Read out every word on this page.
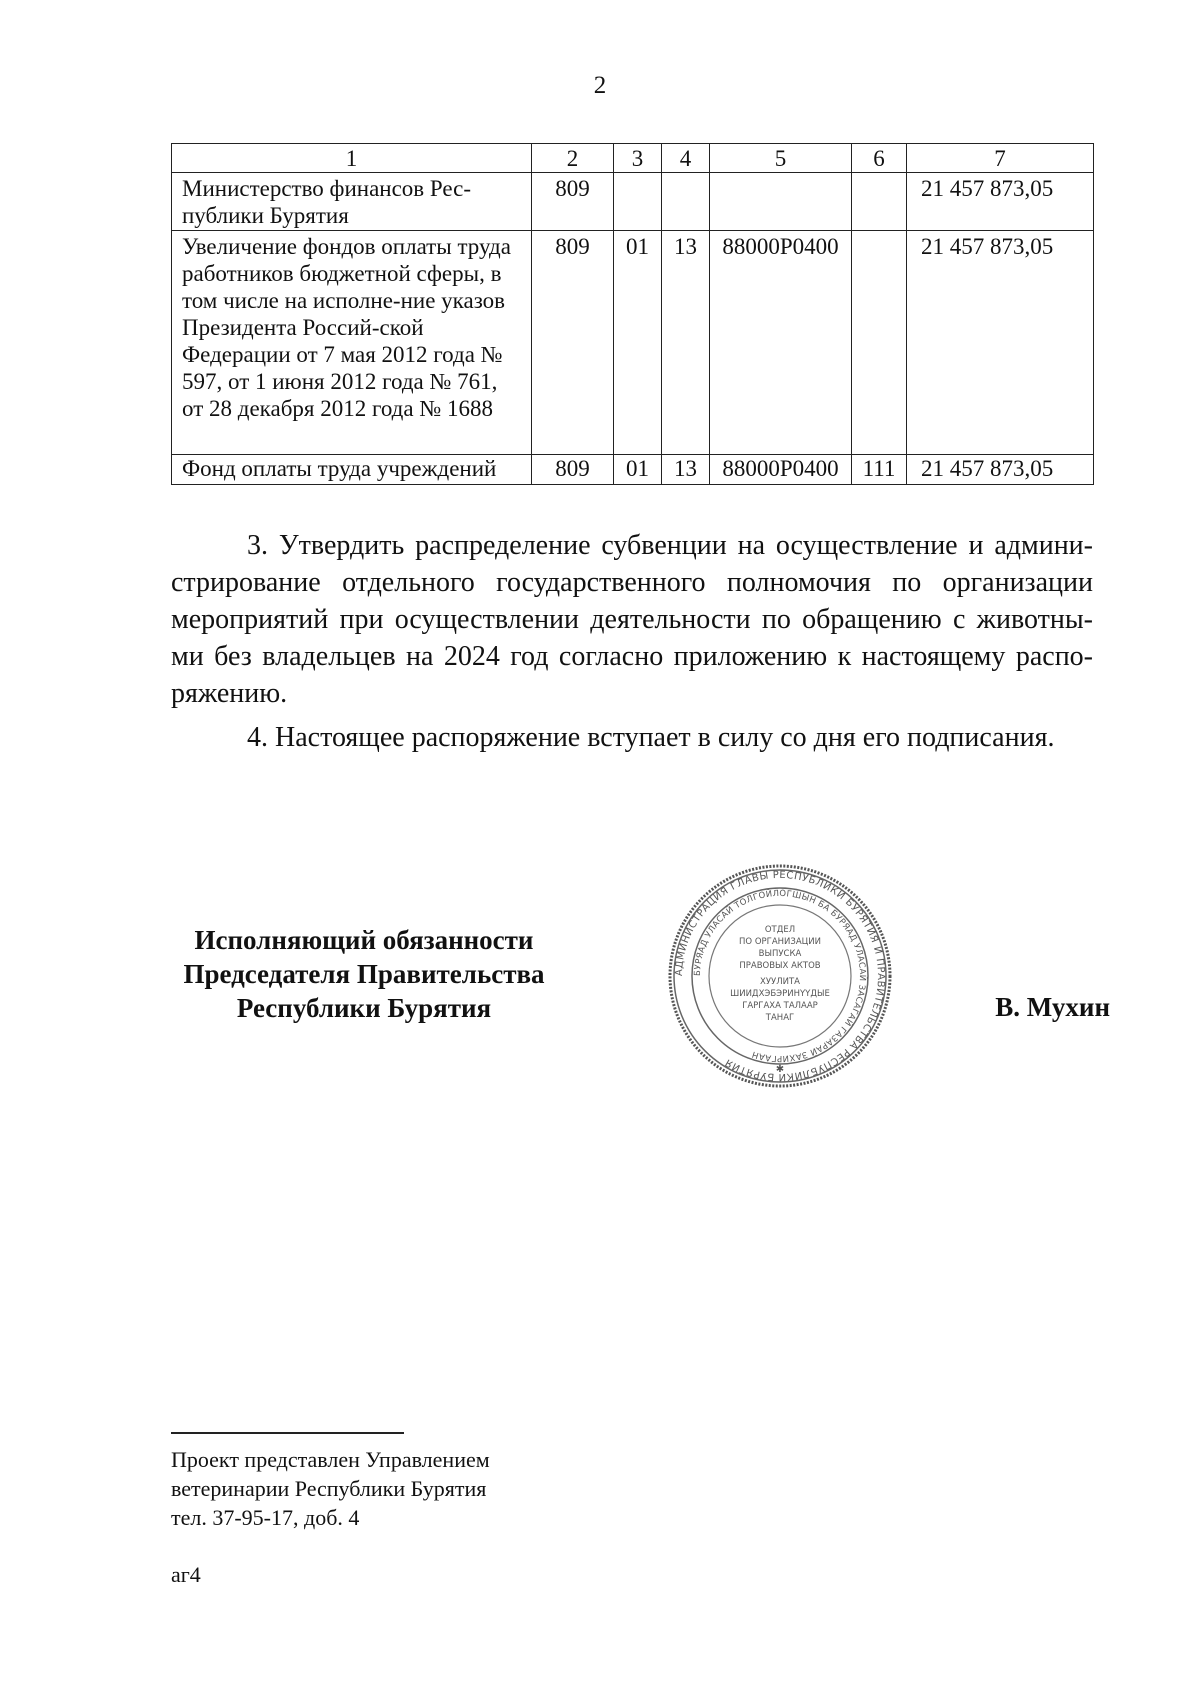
2
1	2	3	4	5	6	7
Министерство финансов Рес-публики Бурятия	809					21 457 873,05
Увеличение фондов оплаты труда работников бюджетной сферы, в том числе на исполне-ние указов Президента Россий-ской Федерации от 7 мая 2012 года № 597, от 1 июня 2012 года № 761, от 28 декабря 2012 года № 1688	809	01	13	88000P0400		21 457 873,05
Фонд оплаты труда учреждений	809	01	13	88000P0400	111	21 457 873,05

3. Утвердить распределение субвенции на осуществление и админи-стрирование отдельного государственного полномочия по организации мероприятий при осуществлении деятельности по обращению с животны-ми без владельцев на 2024 год согласно приложению к настоящему распо-ряжению.

4. Настоящее распоряжение вступает в силу со дня его подписания.

Исполняющий обязанности
Председателя Правительства
Республики Бурятия
АДМИНИСТРАЦИЯ ГЛАВЫ РЕСПУБЛИКИ БУРЯТИЯ И ПРАВИТЕЛЬСТВА РЕСПУБЛИКИ БУРЯТИЯ
БУРЯАД УЛАСАЙ ТОЛГОЙЛОГШЫН БА БУРЯАД УЛАСАЙ ЗАСАГАЙ ГАЗАРАЙ ЗАХИРГААН
ОТДЕЛ
ПО ОРГАНИЗАЦИИ
ВЫПУСКА
ПРАВОВЫХ АКТОВ
ХУУЛИТА
ШИИДХЭБЭРИНҮҮДЫЕ
ГАРГАХА ТАЛААР
ТАНАГ
✱
В. Мухин
Проект представлен Управлением
ветеринарии Республики Бурятия
тел. 37-95-17, доб. 4
аг4
